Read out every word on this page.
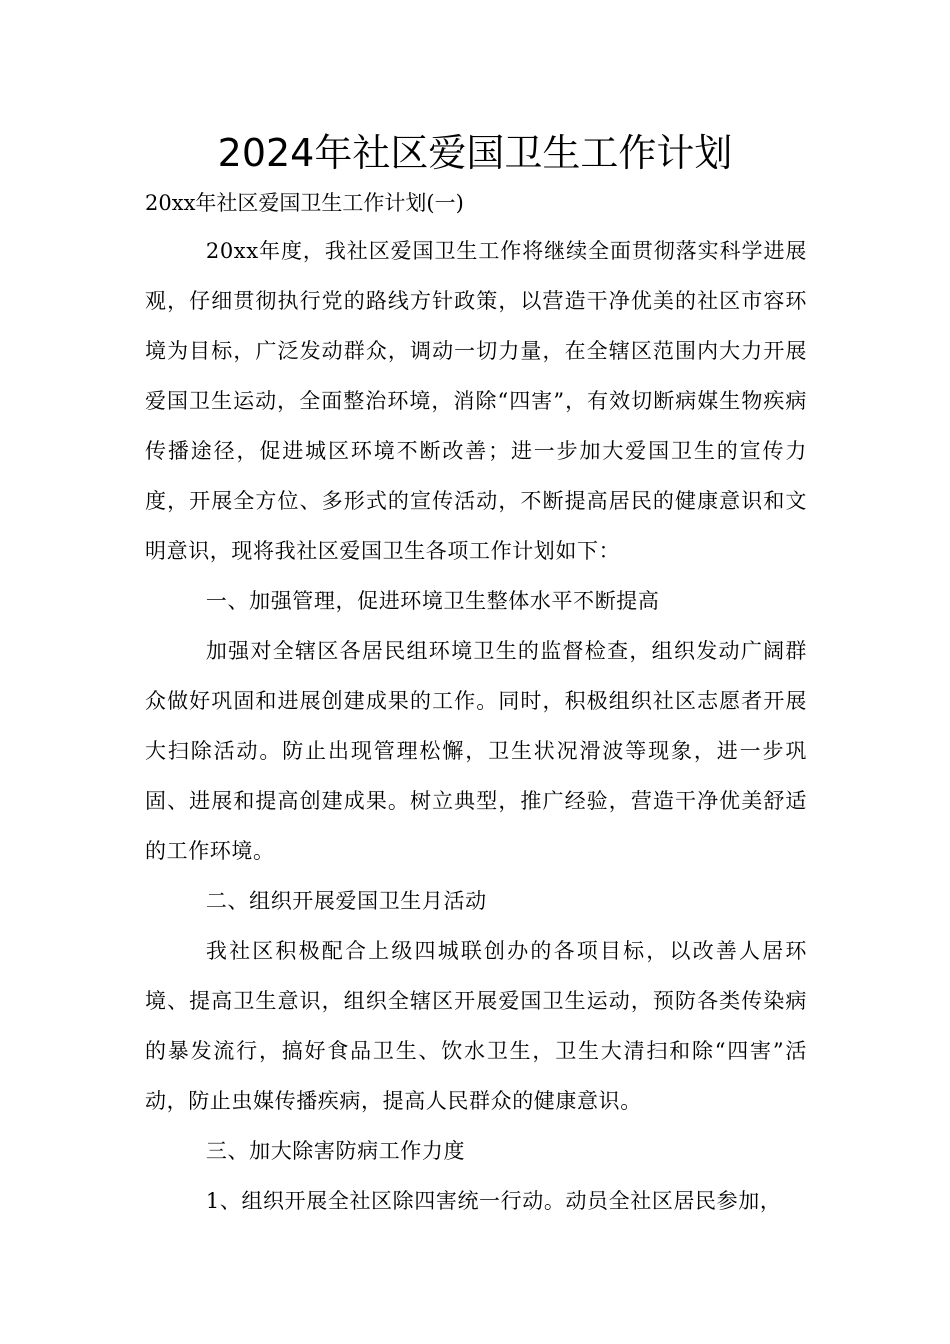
2024年社区爱国卫生工作计划

20xx年社区爱国卫生工作计划(一)

20xx年度，我社区爱国卫生工作将继续全面贯彻落实科学进展观，仔细贯彻执行党的路线方针政策，以营造干净优美的社区市容环境为目标，广泛发动群众，调动一切力量，在全辖区范围内大力开展爱国卫生运动，全面整治环境，消除“四害”，有效切断病媒生物疾病传播途径，促进城区环境不断改善；进一步加大爱国卫生的宣传力度，开展全方位、多形式的宣传活动，不断提高居民的健康意识和文明意识，现将我社区爱国卫生各项工作计划如下：

一、加强管理，促进环境卫生整体水平不断提高

加强对全辖区各居民组环境卫生的监督检查，组织发动广阔群众做好巩固和进展创建成果的工作。同时，积极组织社区志愿者开展大扫除活动。防止出现管理松懈，卫生状况滑波等现象，进一步巩固、进展和提高创建成果。树立典型，推广经验，营造干净优美舒适的工作环境。

二、组织开展爱国卫生月活动

我社区积极配合上级四城联创办的各项目标，以改善人居环境、提高卫生意识，组织全辖区开展爱国卫生运动，预防各类传染病的暴发流行，搞好食品卫生、饮水卫生，卫生大清扫和除“四害”活动，防止虫媒传播疾病，提高人民群众的健康意识。

三、加大除害防病工作力度

1、组织开展全社区除四害统一行动。动员全社区居民参加，
